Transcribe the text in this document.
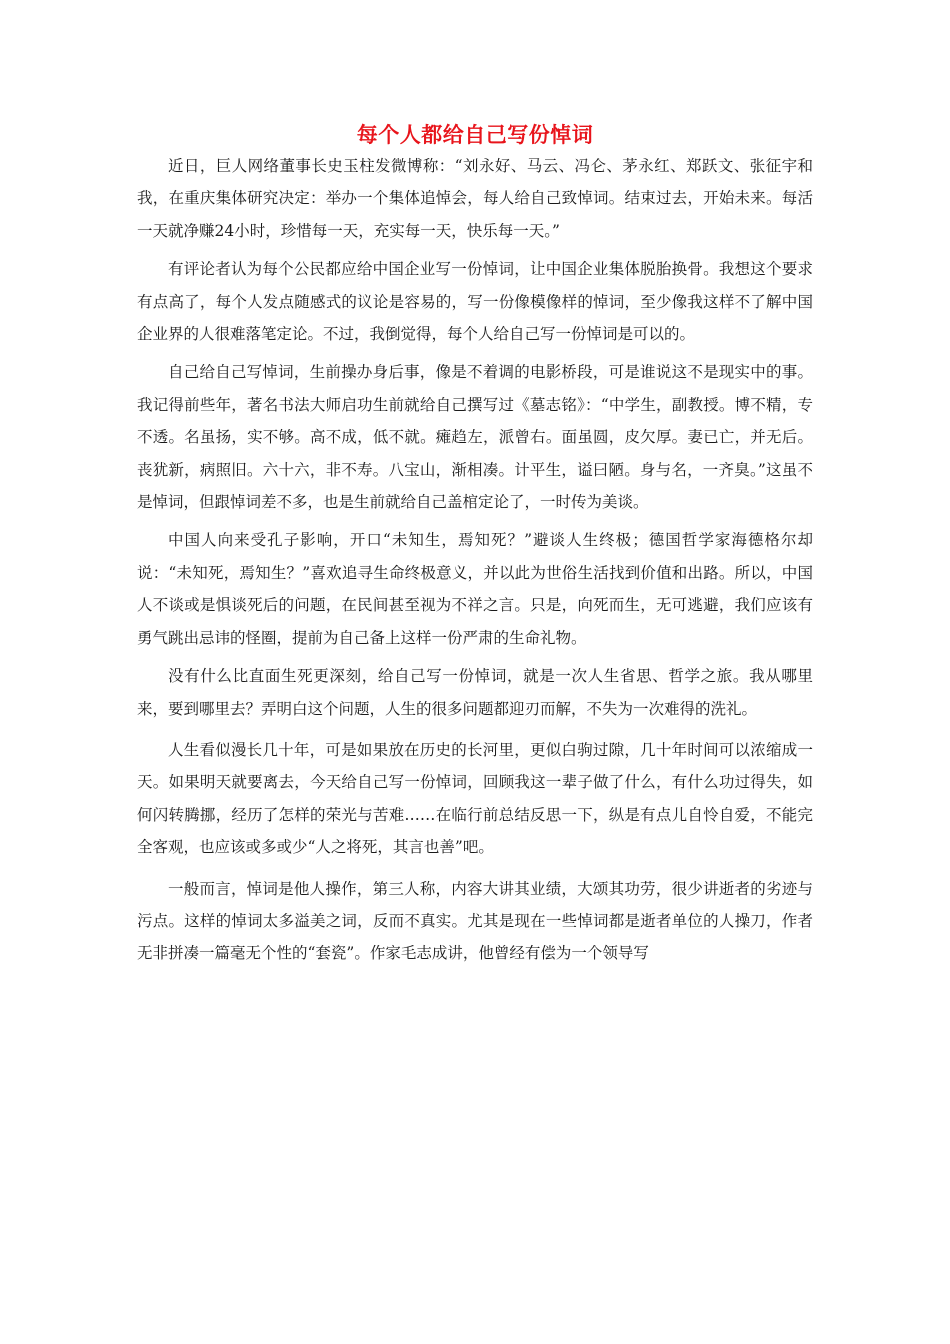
每个人都给自己写份悼词

近日，巨人网络董事长史玉柱发微博称：“刘永好、马云、冯仑、茅永红、郑跃文、张征宇和我，在重庆集体研究决定：举办一个集体追悼会，每人给自己致悼词。结束过去，开始未来。每活一天就净赚24小时，珍惜每一天，充实每一天，快乐每一天。”

有评论者认为每个公民都应给中国企业写一份悼词，让中国企业集体脱胎换骨。我想这个要求有点高了，每个人发点随感式的议论是容易的，写一份像模像样的悼词，至少像我这样不了解中国企业界的人很难落笔定论。不过，我倒觉得，每个人给自己写一份悼词是可以的。

自己给自己写悼词，生前操办身后事，像是不着调的电影桥段，可是谁说这不是现实中的事。我记得前些年，著名书法大师启功生前就给自己撰写过《墓志铭》：“中学生，副教授。博不精，专不透。名虽扬，实不够。高不成，低不就。瘫趋左，派曾右。面虽圆，皮欠厚。妻已亡，并无后。丧犹新，病照旧。六十六，非不寿。八宝山，渐相凑。计平生，谥曰陋。身与名，一齐臭。”这虽不是悼词，但跟悼词差不多，也是生前就给自己盖棺定论了，一时传为美谈。

中国人向来受孔子影响，开口“未知生，焉知死？”避谈人生终极；德国哲学家海德格尔却说：“未知死，焉知生？”喜欢追寻生命终极意义，并以此为世俗生活找到价值和出路。所以，中国人不谈或是惧谈死后的问题，在民间甚至视为不祥之言。只是，向死而生，无可逃避，我们应该有勇气跳出忌讳的怪圈，提前为自己备上这样一份严肃的生命礼物。

没有什么比直面生死更深刻，给自己写一份悼词，就是一次人生省思、哲学之旅。我从哪里来，要到哪里去？弄明白这个问题，人生的很多问题都迎刃而解，不失为一次难得的洗礼。

人生看似漫长几十年，可是如果放在历史的长河里，更似白驹过隙，几十年时间可以浓缩成一天。如果明天就要离去，今天给自己写一份悼词，回顾我这一辈子做了什么，有什么功过得失，如何闪转腾挪，经历了怎样的荣光与苦难……在临行前总结反思一下，纵是有点儿自怜自爱，不能完全客观，也应该或多或少“人之将死，其言也善”吧。

一般而言，悼词是他人操作，第三人称，内容大讲其业绩，大颂其功劳，很少讲逝者的劣迹与污点。这样的悼词太多溢美之词，反而不真实。尤其是现在一些悼词都是逝者单位的人操刀，作者无非拼凑一篇毫无个性的“套瓷”。作家毛志成讲，他曾经有偿为一个领导写
